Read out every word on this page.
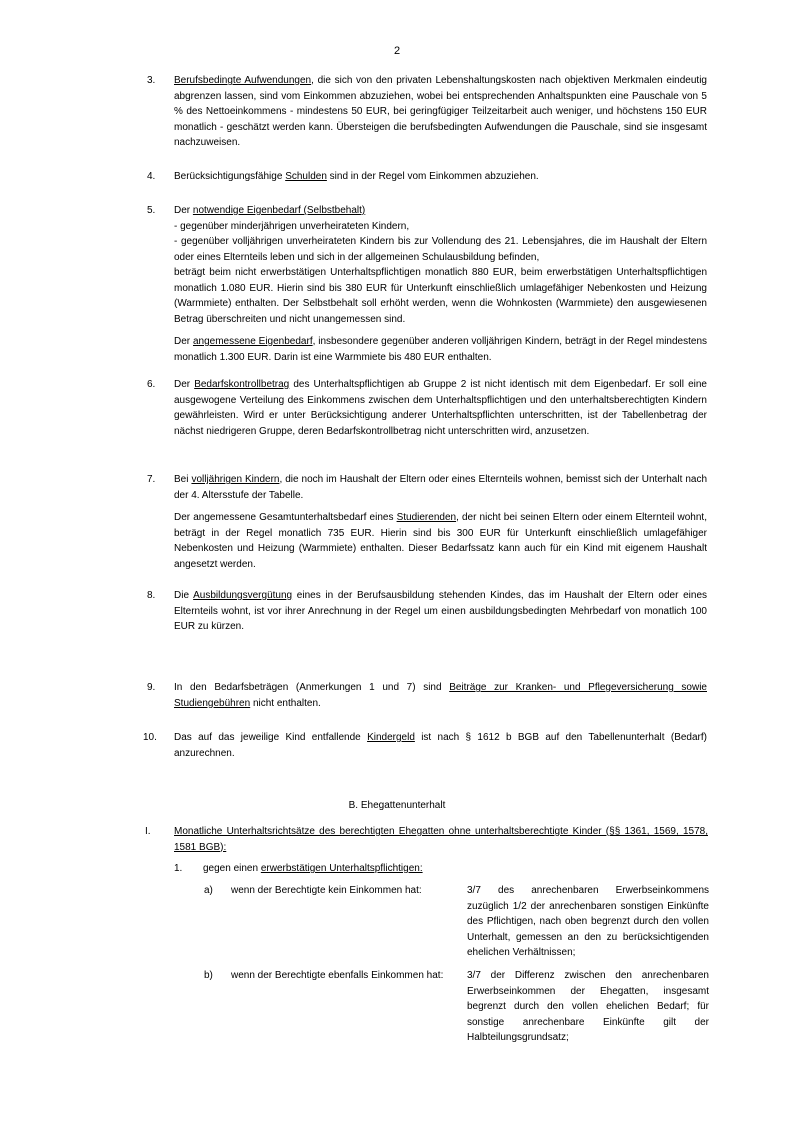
2
3. Berufsbedingte Aufwendungen, die sich von den privaten Lebenshaltungskosten nach objektiven Merkmalen eindeutig abgrenzen lassen, sind vom Einkommen abzuziehen, wobei bei entsprechenden Anhaltspunkten eine Pauschale von 5 % des Nettoeinkommens - mindestens 50 EUR, bei geringfügiger Teilzeitarbeit auch weniger, und höchstens 150 EUR monatlich - geschätzt werden kann. Übersteigen die berufsbedingten Aufwendungen die Pauschale, sind sie insgesamt nachzuweisen.
4. Berücksichtigungsfähige Schulden sind in der Regel vom Einkommen abzuziehen.
5. Der notwendige Eigenbedarf (Selbstbehalt)

- gegenüber minderjährigen unverheirateten Kindern,

- gegenüber volljährigen unverheirateten Kindern bis zur Vollendung des 21. Lebensjahres, die im Haushalt der Eltern oder eines Elternteils leben und sich in der allgemeinen Schulausbildung befinden,

beträgt beim nicht erwerbstätigen Unterhaltspflichtigen monatlich 880 EUR, beim erwerbstätigen Unterhaltspflichtigen monatlich 1.080 EUR. Hierin sind bis 380 EUR für Unterkunft einschließlich umlagefähiger Nebenkosten und Heizung (Warmmiete) enthalten. Der Selbstbehalt soll erhöht werden, wenn die Wohnkosten (Warmmiete) den ausgewiesenen Betrag überschreiten und nicht unangemessen sind.

Der angemessene Eigenbedarf, insbesondere gegenüber anderen volljährigen Kindern, beträgt in der Regel mindestens monatlich 1.300 EUR. Darin ist eine Warmmiete bis 480 EUR enthalten.

6. Der Bedarfskontrollbetrag des Unterhaltspflichtigen ab Gruppe 2 ist nicht identisch mit dem Eigenbedarf. Er soll eine ausgewogene Verteilung des Einkommens zwischen dem Unterhaltspflichtigen und den unterhaltsberechtigten Kindern gewährleisten. Wird er unter Berücksichtigung anderer Unterhaltspflichten unterschritten, ist der Tabellenbetrag der nächst niedrigeren Gruppe, deren Bedarfskontrollbetrag nicht unterschritten wird, anzusetzen.
7. Bei volljährigen Kindern, die noch im Haushalt der Eltern oder eines Elternteils wohnen, bemisst sich der Unterhalt nach der 4. Altersstufe der Tabelle.

Der angemessene Gesamtunterhaltsbedarf eines Studierenden, der nicht bei seinen Eltern oder einem Elternteil wohnt, beträgt in der Regel monatlich 735 EUR. Hierin sind bis 300 EUR für Unterkunft einschließlich umlagefähiger Nebenkosten und Heizung (Warmmiete) enthalten. Dieser Bedarfssatz kann auch für ein Kind mit eigenem Haushalt angesetzt werden.

8. Die Ausbildungsvergütung eines in der Berufsausbildung stehenden Kindes, das im Haushalt der Eltern oder eines Elternteils wohnt, ist vor ihrer Anrechnung in der Regel um einen ausbildungsbedingten Mehrbedarf von monatlich 100 EUR zu kürzen.
9. In den Bedarfsbeträgen (Anmerkungen 1 und 7) sind Beiträge zur Kranken- und Pflegeversicherung sowie Studiengebühren nicht enthalten.
10. Das auf das jeweilige Kind entfallende Kindergeld ist nach § 1612 b BGB auf den Tabellenunterhalt (Bedarf) anzurechnen.
B. Ehegattenunterhalt
I. Monatliche Unterhaltsrichtsätze des berechtigten Ehegatten ohne unterhaltsberechtigte Kinder (§§ 1361, 1569, 1578, 1581 BGB):
1. gegen einen erwerbstätigen Unterhaltspflichtigen:
a) wenn der Berechtigte kein Einkommen hat:	3/7 des anrechenbaren Erwerbseinkommens zuzüglich 1/2 der anrechenbaren sonstigen Einkünfte des Pflichtigen, nach oben begrenzt durch den vollen Unterhalt, gemessen an den zu berücksichtigenden ehelichen Verhältnissen;
b) wenn der Berechtigte ebenfalls Einkommen hat:	3/7 der Differenz zwischen den anrechenbaren Erwerbseinkommen der Ehegatten, insgesamt begrenzt durch den vollen ehelichen Bedarf; für sonstige anrechenbare Einkünfte gilt der Halbteilungsgrundsatz;
